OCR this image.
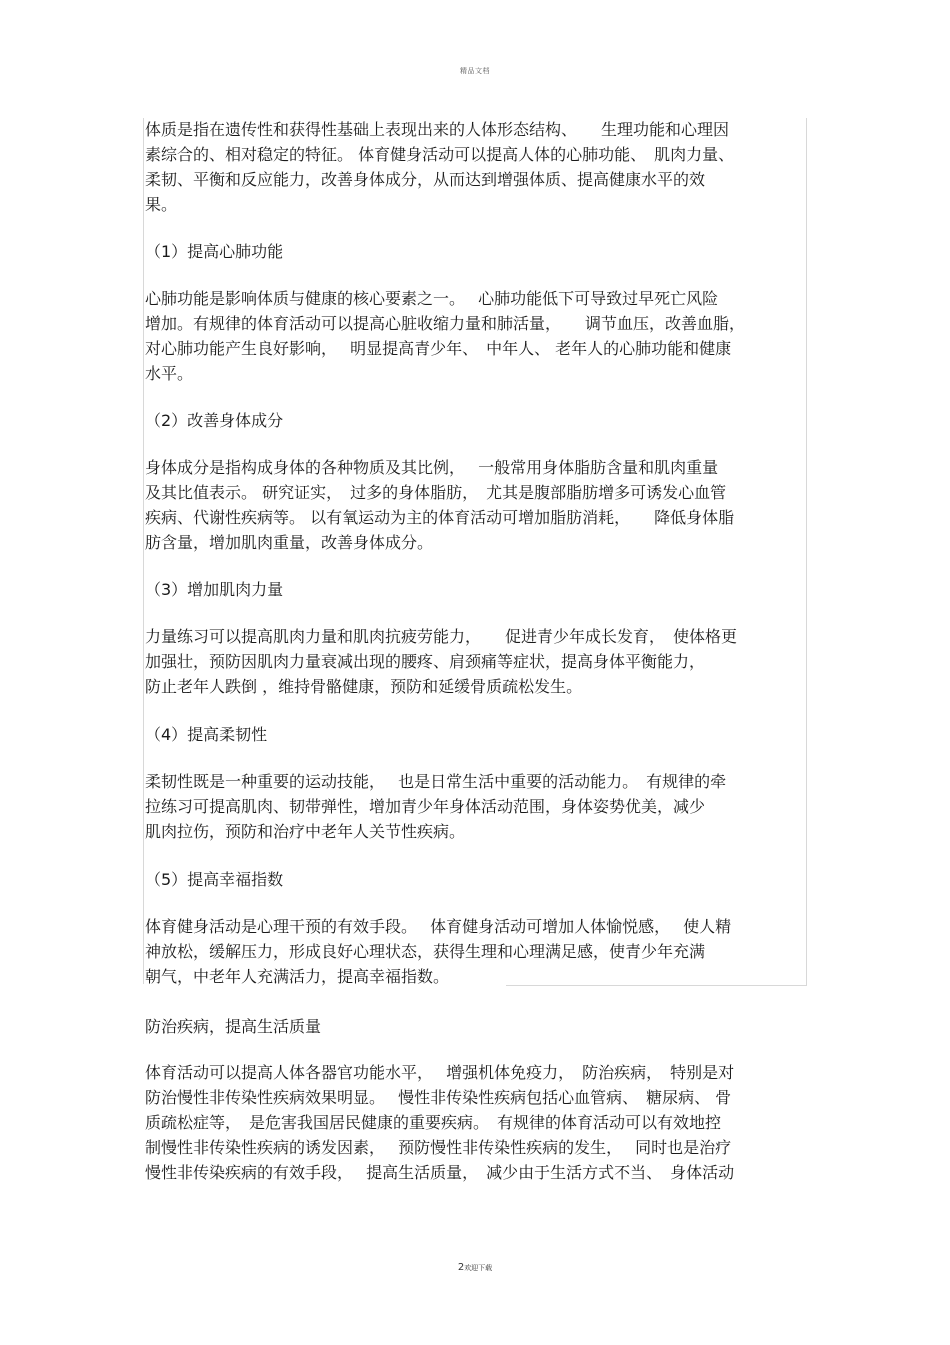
精品文档
体质是指在遗传性和获得性基础上表现出来的人体形态结构、　　生理功能和心理因
素综合的、相对稳定的特征。 体育健身活动可以提高人体的心肺功能、　肌肉力量、
柔韧、平衡和反应能力，改善身体成分，从而达到增强体质、提高健康水平的效
果。
（1）提高心肺功能
心肺功能是影响体质与健康的核心要素之一。　 心肺功能低下可导致过早死亡风险
增加。有规律的体育活动可以提高心脏收缩力量和肺活量，　　调节血压，改善血脂，
对心肺功能产生良好影响，　 明显提高青少年、　中年人、 老年人的心肺功能和健康
水平。
（2）改善身体成分
身体成分是指构成身体的各种物质及其比例，　 一般常用身体脂肪含量和肌肉重量
及其比值表示。 研究证实，　过多的身体脂肪，　尤其是腹部脂肪增多可诱发心血管
疾病、代谢性疾病等。 以有氧运动为主的体育活动可增加脂肪消耗，　　降低身体脂
肪含量，增加肌肉重量，改善身体成分。
（3）增加肌肉力量
力量练习可以提高肌肉力量和肌肉抗疲劳能力，　　促进青少年成长发育，　使体格更
加强壮，预防因肌肉力量衰减出现的腰疼、肩颈痛等症状，提高身体平衡能力，
防止老年人跌倒 ，维持骨骼健康，预防和延缓骨质疏松发生。
（4）提高柔韧性
柔韧性既是一种重要的运动技能，　 也是日常生活中重要的活动能力。　有规律的牵
拉练习可提高肌肉、韧带弹性，增加青少年身体活动范围，身体姿势优美，减少
肌肉拉伤，预防和治疗中老年人关节性疾病。
（5）提高幸福指数
体育健身活动是心理干预的有效手段。　 体育健身活动可增加人体愉悦感，　 使人精
神放松，缓解压力，形成良好心理状态，获得生理和心理满足感，使青少年充满
朝气，中老年人充满活力，提高幸福指数。
防治疾病，提高生活质量
体育活动可以提高人体各器官功能水平，　 增强机体免疫力，　防治疾病，　特别是对
防治慢性非传染性疾病效果明显。　 慢性非传染性疾病包括心血管病、　糖尿病、 骨
质疏松症等，　是危害我国居民健康的重要疾病。　有规律的体育活动可以有效地控
制慢性非传染性疾病的诱发因素，　 预防慢性非传染性疾病的发生，　 同时也是治疗
慢性非传染疾病的有效手段，　 提高生活质量，　减少由于生活方式不当、　身体活动
2欢迎下载
